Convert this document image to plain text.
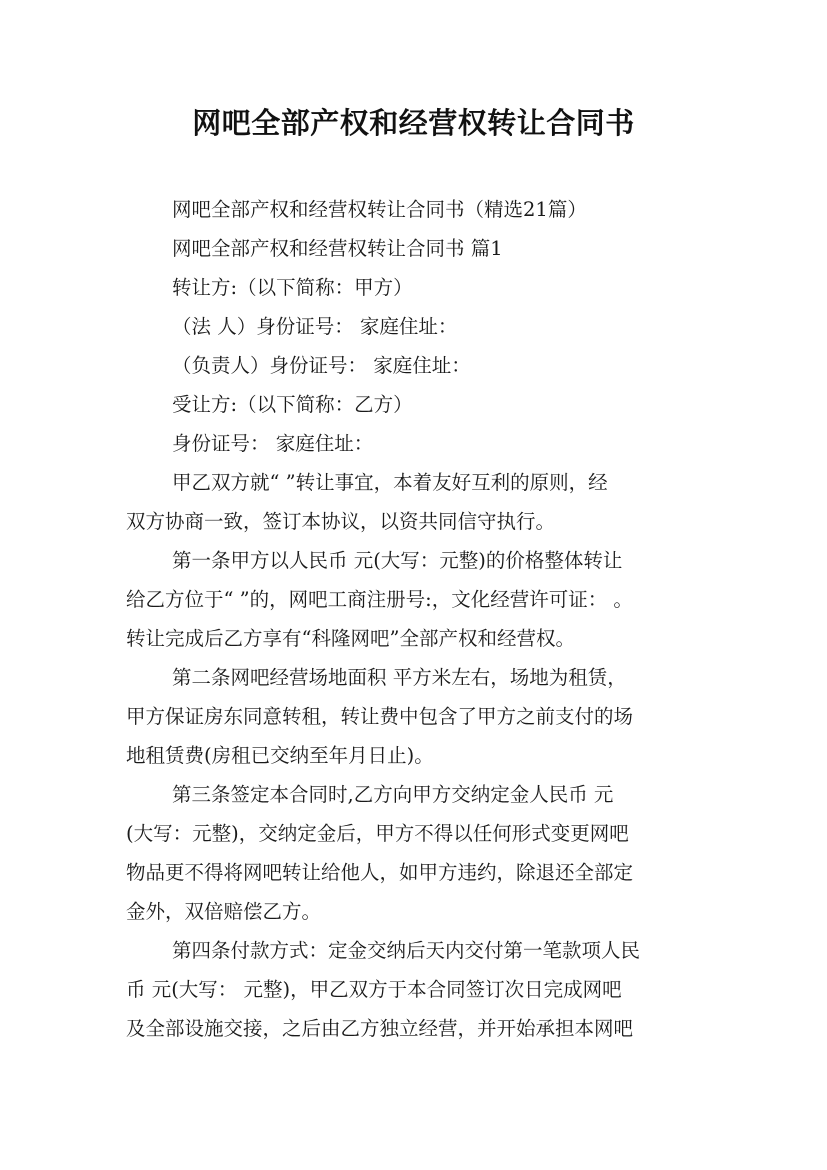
网吧全部产权和经营权转让合同书
网吧全部产权和经营权转让合同书（精选21篇）
网吧全部产权和经营权转让合同书 篇1
转让方:（以下简称：甲方）
（法 人）身份证号： 家庭住址：
（负责人）身份证号： 家庭住址：
受让方:（以下简称：乙方）
身份证号： 家庭住址：
甲乙双方就“ ”转让事宜，本着友好互利的原则，经
双方协商一致，签订本协议，以资共同信守执行。
第一条甲方以人民币 元(大写：元整)的价格整体转让
给乙方位于“ ”的，网吧工商注册号:，文化经营许可证： 。
转让完成后乙方享有“科隆网吧”全部产权和经营权。
第二条网吧经营场地面积 平方米左右，场地为租赁，
甲方保证房东同意转租，转让费中包含了甲方之前支付的场
地租赁费(房租已交纳至年月日止)。
第三条签定本合同时,乙方向甲方交纳定金人民币 元
(大写：元整)，交纳定金后，甲方不得以任何形式变更网吧
物品更不得将网吧转让给他人，如甲方违约，除退还全部定
金外，双倍赔偿乙方。
第四条付款方式：定金交纳后天内交付第一笔款项人民
币 元(大写： 元整)，甲乙双方于本合同签订次日完成网吧
及全部设施交接，之后由乙方独立经营，并开始承担本网吧
